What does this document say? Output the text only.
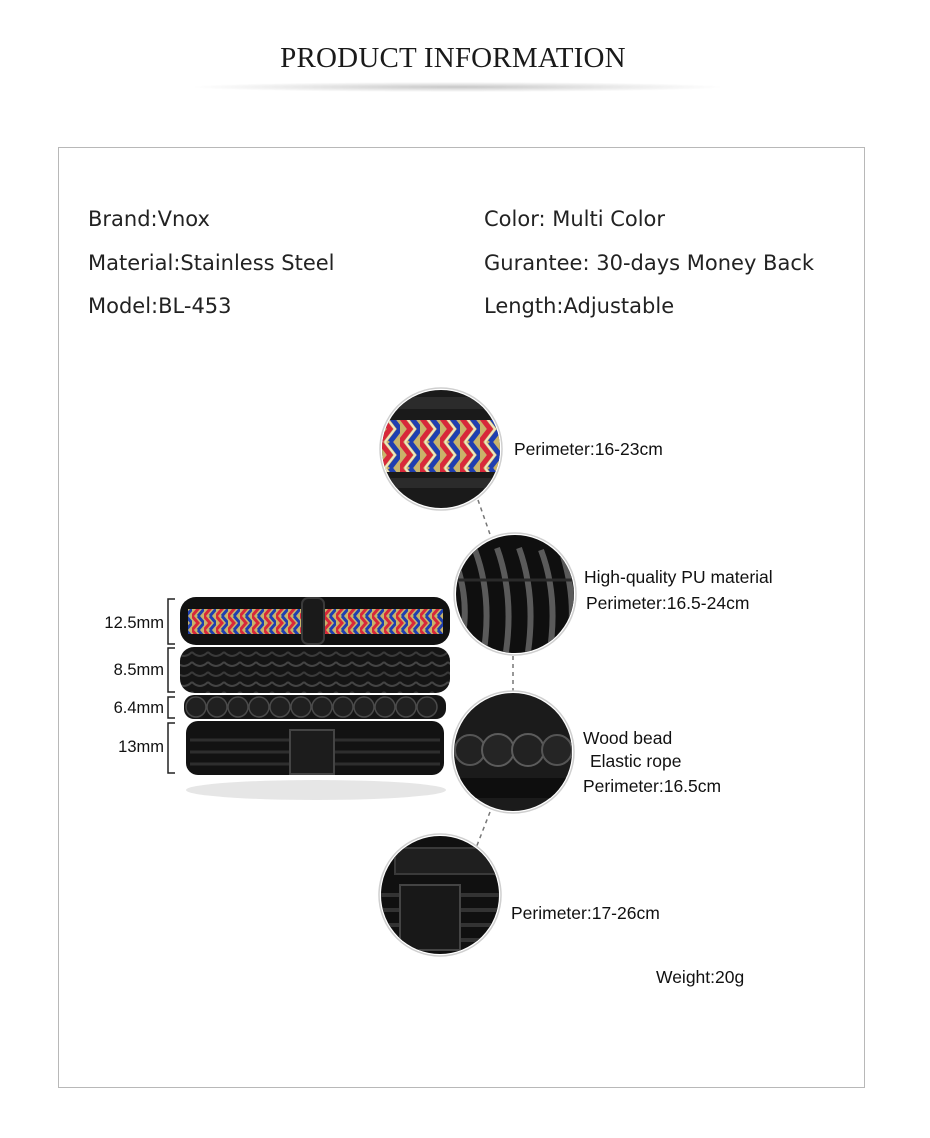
PRODUCT INFORMATION
Brand:Vnox
Material:Stainless Steel
Model:BL-453
Color: Multi Color
Gurantee: 30-days Money Back
Length:Adjustable
12.5mm
8.5mm
6.4mm
13mm
Perimeter:16-23cm
High-quality PU material
Perimeter:16.5-24cm
Wood bead
Elastic rope
Perimeter:16.5cm
Perimeter:17-26cm
Weight:20g
